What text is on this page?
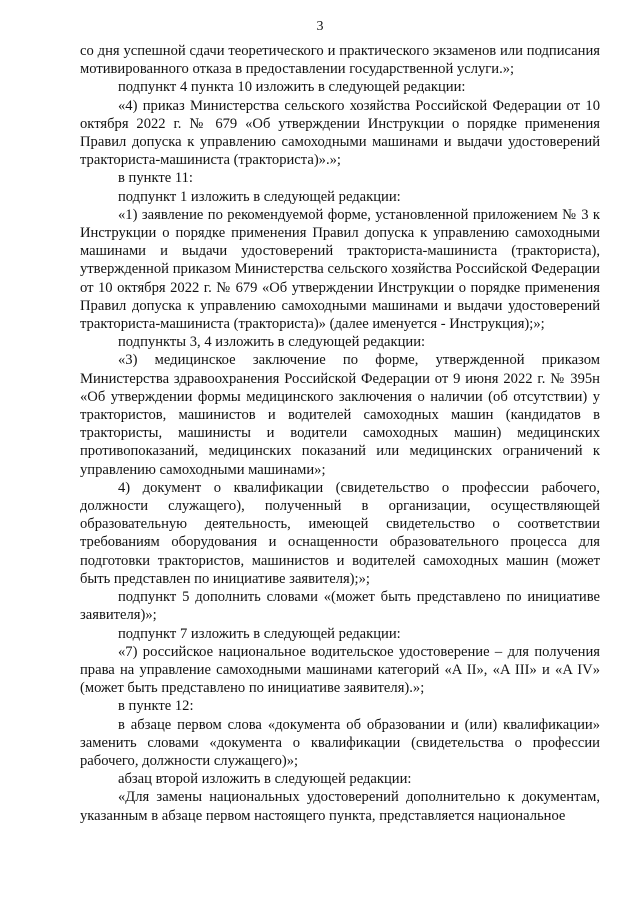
3

со дня успешной сдачи теоретического и практического экзаменов или подписания мотивированного отказа в предоставлении государственной услуги.»;

подпункт 4 пункта 10 изложить в следующей редакции:

«4) приказ Министерства сельского хозяйства Российской Федерации от 10 октября 2022 г. № 679 «Об утверждении Инструкции о порядке применения Правил допуска к управлению самоходными машинами и выдачи удостоверений тракториста-машиниста (тракториста)».»;

в пункте 11:

подпункт 1 изложить в следующей редакции:

«1) заявление по рекомендуемой форме, установленной приложением № 3 к Инструкции о порядке применения Правил допуска к управлению самоходными машинами и выдачи удостоверений тракториста-машиниста (тракториста), утвержденной приказом Министерства сельского хозяйства Российской Федерации от 10 октября 2022 г. № 679 «Об утверждении Инструкции о порядке применения Правил допуска к управлению самоходными машинами и выдачи удостоверений тракториста-машиниста (тракториста)» (далее именуется - Инструкция);»;

подпункты 3, 4 изложить в следующей редакции:

«3) медицинское заключение по форме, утвержденной приказом Министерства здравоохранения Российской Федерации от 9 июня 2022 г. № 395н «Об утверждении формы медицинского заключения о наличии (об отсутствии) у трактористов, машинистов и водителей самоходных машин (кандидатов в трактористы, машинисты и водители самоходных машин) медицинских противопоказаний, медицинских показаний или медицинских ограничений к управлению самоходными машинами»;

4) документ о квалификации (свидетельство о профессии рабочего, должности служащего), полученный в организации, осуществляющей образовательную деятельность, имеющей свидетельство о соответствии требованиям оборудования и оснащенности образовательного процесса для подготовки трактористов, машинистов и водителей самоходных машин (может быть представлен по инициативе заявителя);»;

подпункт 5 дополнить словами «(может быть представлено по инициативе заявителя)»;

подпункт 7 изложить в следующей редакции:

«7) российское национальное водительское удостоверение – для получения права на управление самоходными машинами категорий «A II», «A III» и «A IV» (может быть представлено по инициативе заявителя).»;

в пункте 12:

в абзаце первом слова «документа об образовании и (или) квалификации» заменить словами «документа о квалификации (свидетельства о профессии рабочего, должности служащего)»;

абзац второй изложить в следующей редакции:

«Для замены национальных удостоверений дополнительно к документам, указанным в абзаце первом настоящего пункта, представляется национальное
